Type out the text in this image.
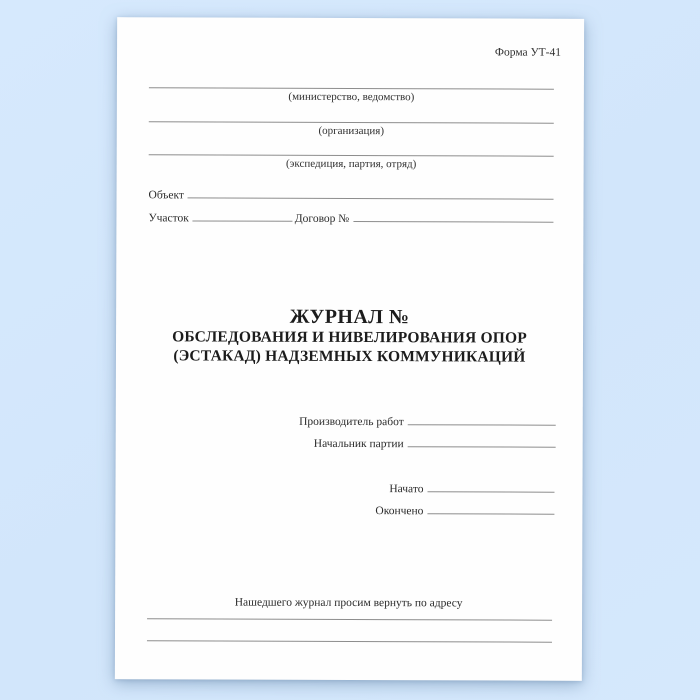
Форма УТ-41
(министерство, ведомство)
(организация)
(экспедиция, партия, отряд)
Объект
Участок	Договор №
ЖУРНАЛ №
ОБСЛЕДОВАНИЯ И НИВЕЛИРОВАНИЯ ОПОР
(ЭСТАКАД) НАДЗЕМНЫХ КОММУНИКАЦИЙ
Производитель работ
Начальник партии
Начато
Окончено
Нашедшего журнал просим вернуть по адресу
